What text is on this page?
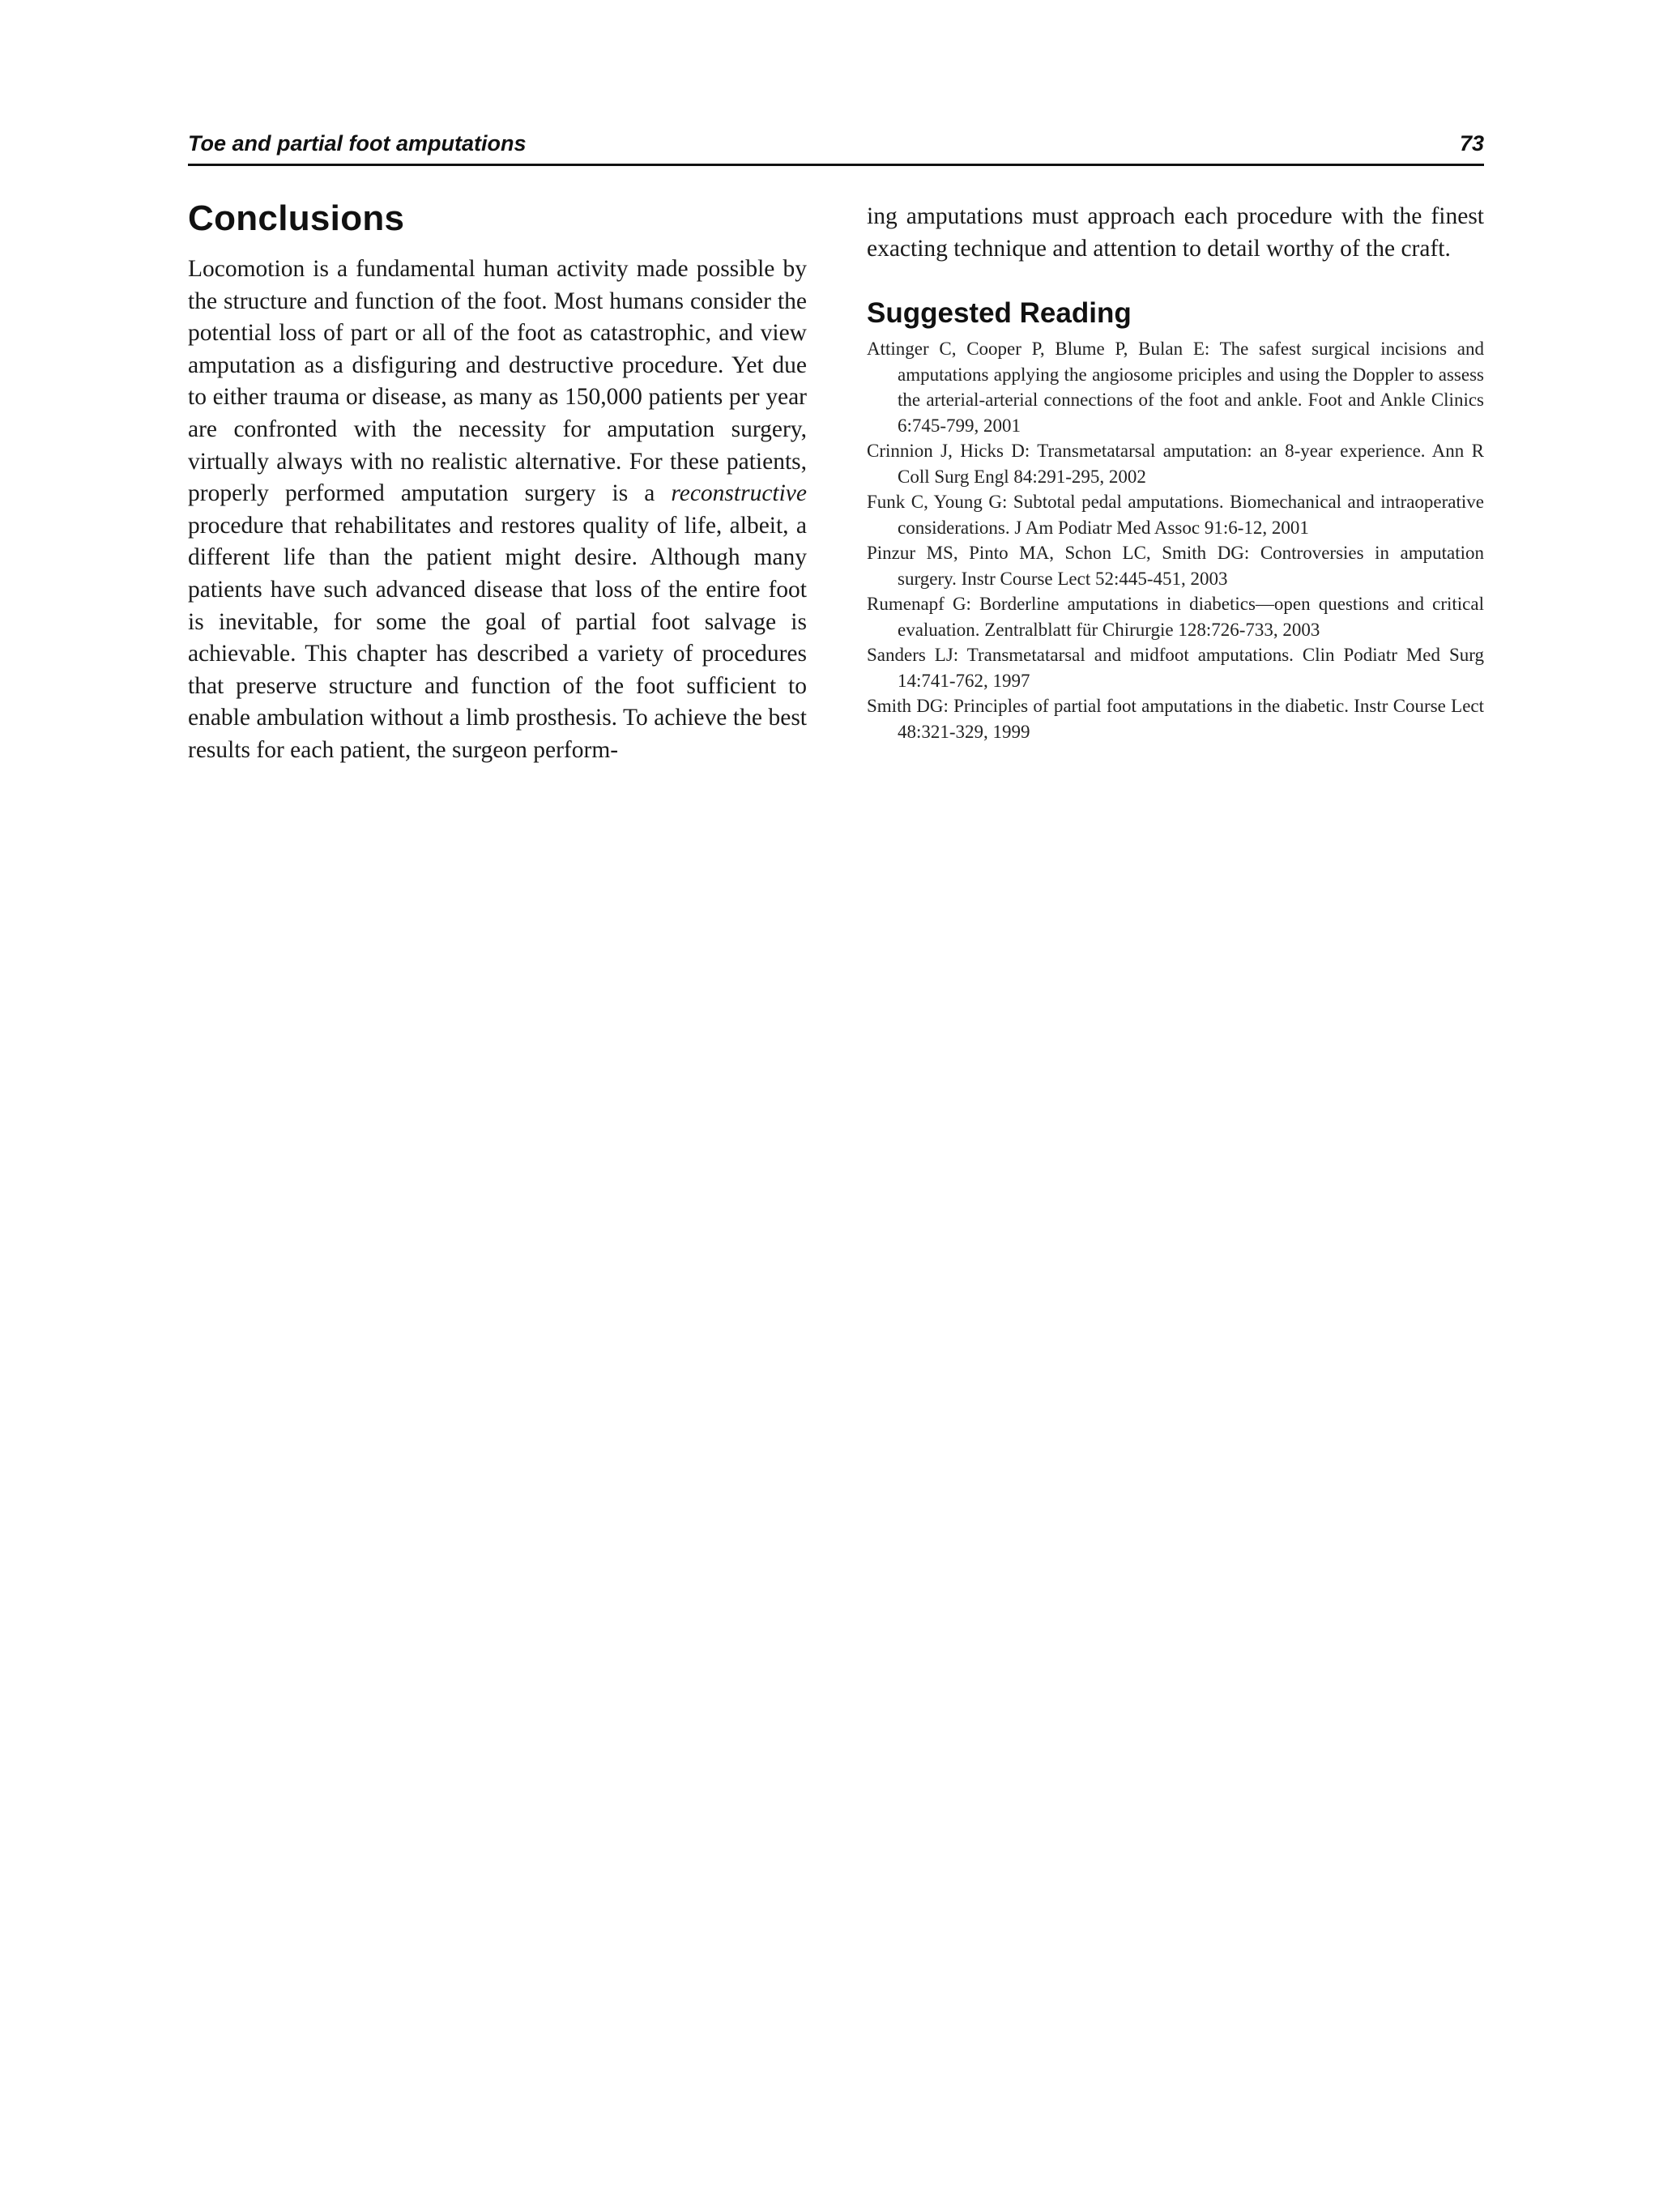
Toe and partial foot amputations	73
Conclusions

Locomotion is a fundamental human activity made possible by the structure and function of the foot. Most humans consider the potential loss of part or all of the foot as catastrophic, and view amputation as a disfiguring and destructive procedure. Yet due to either trauma or disease, as many as 150,000 patients per year are confronted with the necessity for amputation surgery, virtually always with no realistic alternative. For these patients, properly performed amputation surgery is a reconstructive procedure that rehabilitates and restores quality of life, albeit, a different life than the patient might desire. Although many patients have such advanced disease that loss of the entire foot is inevitable, for some the goal of partial foot salvage is achievable. This chapter has described a variety of procedures that preserve structure and function of the foot sufficient to enable ambulation without a limb prosthesis. To achieve the best results for each patient, the surgeon perform-

ing amputations must approach each procedure with the finest exacting technique and attention to detail worthy of the craft.

Suggested Reading
Attinger C, Cooper P, Blume P, Bulan E: The safest surgical incisions and amputations applying the angiosome priciples and using the Doppler to assess the arterial-arterial connections of the foot and ankle. Foot and Ankle Clinics 6:745-799, 2001
Crinnion J, Hicks D: Transmetatarsal amputation: an 8-year experience. Ann R Coll Surg Engl 84:291-295, 2002
Funk C, Young G: Subtotal pedal amputations. Biomechanical and intraoperative considerations. J Am Podiatr Med Assoc 91:6-12, 2001
Pinzur MS, Pinto MA, Schon LC, Smith DG: Controversies in amputation surgery. Instr Course Lect 52:445-451, 2003
Rumenapf G: Borderline amputations in diabetics—open questions and critical evaluation. Zentralblatt für Chirurgie 128:726-733, 2003
Sanders LJ: Transmetatarsal and midfoot amputations. Clin Podiatr Med Surg 14:741-762, 1997
Smith DG: Principles of partial foot amputations in the diabetic. Instr Course Lect 48:321-329, 1999
